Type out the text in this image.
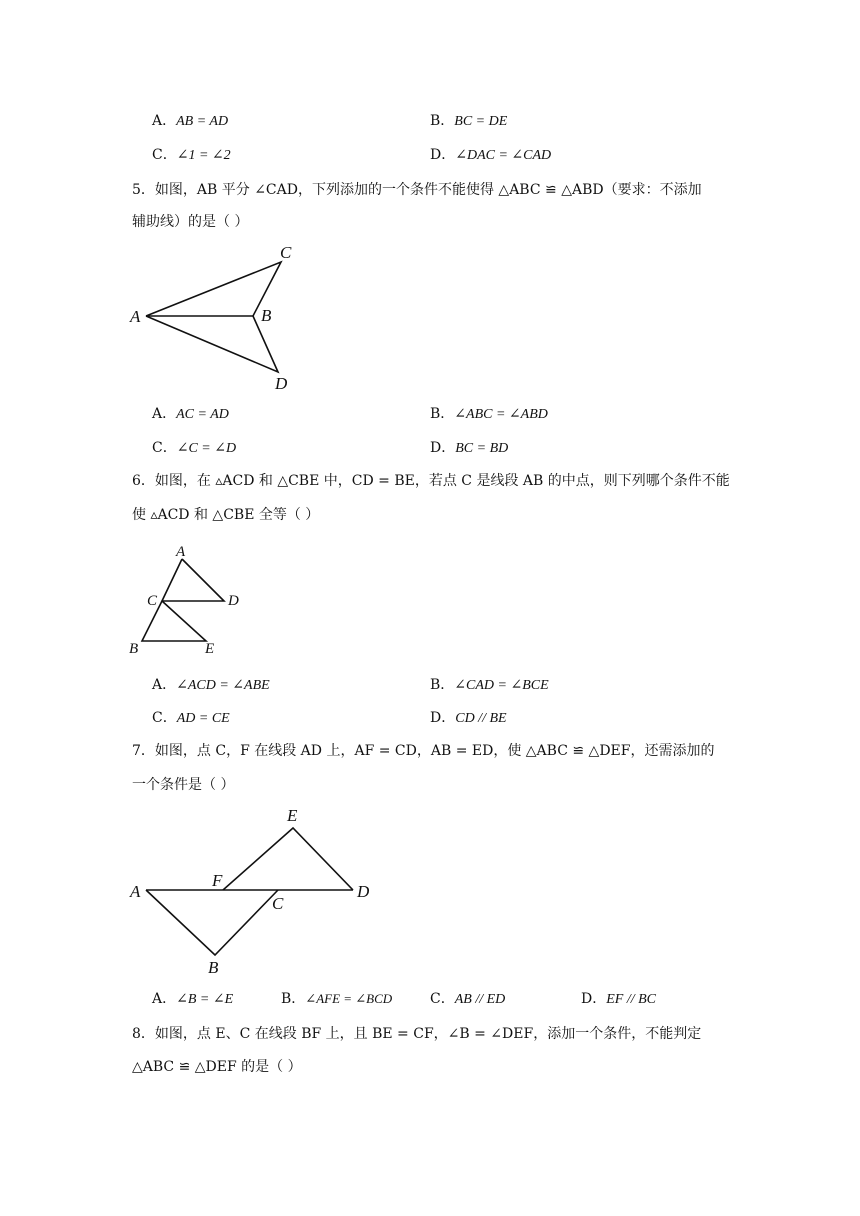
A．AB = AD	B．BC = DE
C．∠1 = ∠2	D．∠DAC = ∠CAD
5．如图，AB 平分 ∠CAD，下列添加的一个条件不能使得 △ABC ≌ △ABD（要求：不添加
辅助线）的是（ ）
C
A	B
D
A．AC = AD	B．∠ABC = ∠ABD
C．∠C = ∠D	D．BC = BD
6．如图，在 ▵ACD 和 △CBE 中，CD = BE，若点 C 是线段 AB 的中点，则下列哪个条件不能
使 ▵ACD 和 △CBE 全等（ ）
A
C	D
B	E
A．∠ACD = ∠ABE	B．∠CAD = ∠BCE
C．AD = CE	D．CD // BE
7．如图，点 C，F 在线段 AD 上，AF = CD，AB = ED，使 △ABC ≌ △DEF，还需添加的
一个条件是（ ）
E
A
F
C
D
B
A．∠B = ∠E	B．∠AFE = ∠BCD	C．AB // ED	D．EF // BC
8．如图，点 E、C 在线段 BF 上，且 BE = CF，∠B = ∠DEF，添加一个条件，不能判定
△ABC ≌ △DEF 的是（ ）
